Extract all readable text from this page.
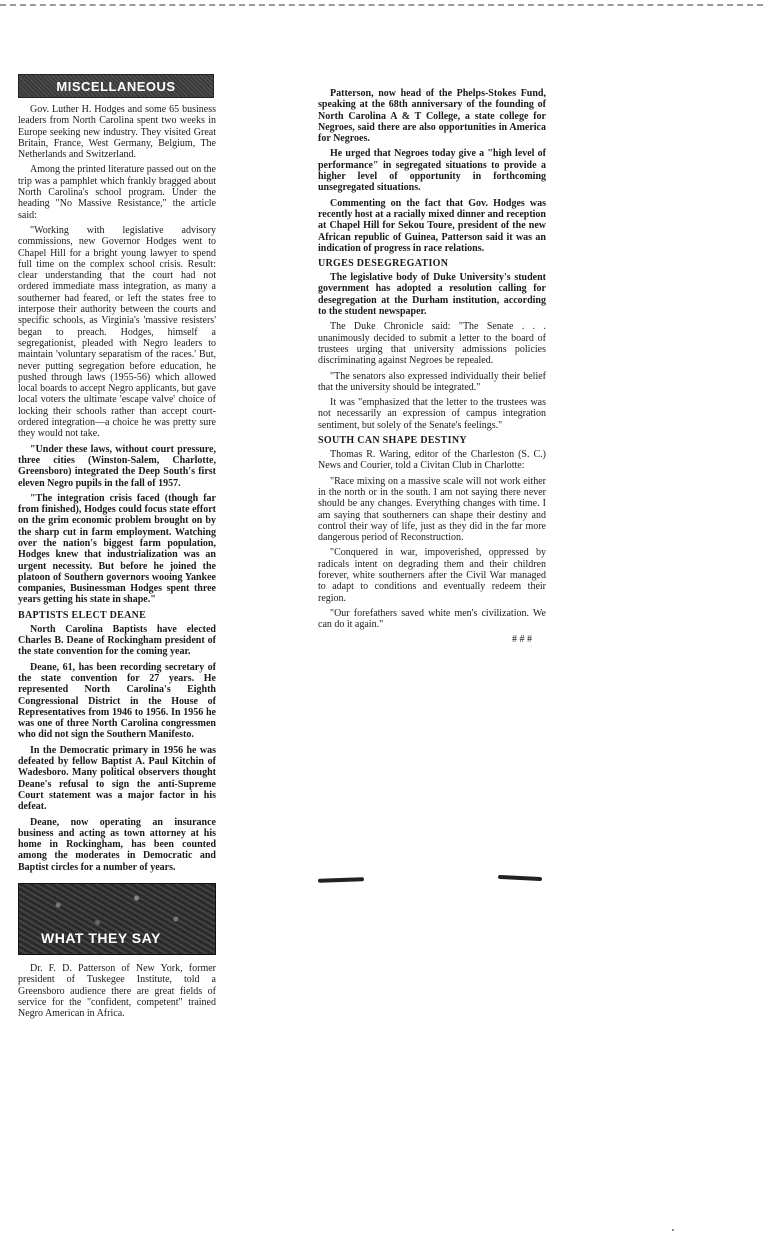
MISCELLANEOUS

Gov. Luther H. Hodges and some 65 business leaders from North Carolina spent two weeks in Europe seeking new industry. They visited Great Britain, France, West Germany, Belgium, The Netherlands and Switzerland.

Among the printed literature passed out on the trip was a pamphlet which frankly bragged about North Carolina's school program. Under the heading "No Massive Resistance," the article said:

"Working with legislative advisory commissions, new Governor Hodges went to Chapel Hill for a bright young lawyer to spend full time on the complex school crisis. Result: clear understanding that the court had not ordered immediate mass integration, as many a southerner had feared, or left the states free to interpose their authority between the courts and specific schools, as Virginia's 'massive resisters' began to preach. Hodges, himself a segregationist, pleaded with Negro leaders to maintain 'voluntary separatism of the races.' But, never putting segregation before education, he pushed through laws (1955-56) which allowed local boards to accept Negro applicants, but gave local voters the ultimate 'escape valve' choice of locking their schools rather than accept court-ordered integration—a choice he was pretty sure they would not take.

"Under these laws, without court pressure, three cities (Winston-Salem, Charlotte, Greensboro) integrated the Deep South's first eleven Negro pupils in the fall of 1957.

"The integration crisis faced (though far from finished), Hodges could focus state effort on the grim economic problem brought on by the sharp cut in farm employment. Watching over the nation's biggest farm population, Hodges knew that industrialization was an urgent necessity. But before he joined the platoon of Southern governors wooing Yankee companies, Businessman Hodges spent three years getting his state in shape."

BAPTISTS ELECT DEANE

North Carolina Baptists have elected Charles B. Deane of Rockingham president of the state convention for the coming year.

Deane, 61, has been recording secretary of the state convention for 27 years. He represented North Carolina's Eighth Congressional District in the House of Representatives from 1946 to 1956. In 1956 he was one of three North Carolina congressmen who did not sign the Southern Manifesto.

In the Democratic primary in 1956 he was defeated by fellow Baptist A. Paul Kitchin of Wadesboro. Many political observers thought Deane's refusal to sign the anti-Supreme Court statement was a major factor in his defeat.

Deane, now operating an insurance business and acting as town attorney at his home in Rockingham, has been counted among the moderates in Democratic and Baptist circles for a number of years.

WHAT THEY SAY

Dr. F. D. Patterson of New York, former president of Tuskegee Institute, told a Greensboro audience there are great fields of service for the "confident, competent" trained Negro American in Africa.

Patterson, now head of the Phelps-Stokes Fund, speaking at the 68th anniversary of the founding of North Carolina A & T College, a state college for Negroes, said there are also opportunities in America for Negroes.

He urged that Negroes today give a "high level of performance" in segregated situations to provide a higher level of opportunity in forthcoming unsegregated situations.

Commenting on the fact that Gov. Hodges was recently host at a racially mixed dinner and reception at Chapel Hill for Sekou Toure, president of the new African republic of Guinea, Patterson said it was an indication of progress in race relations.

URGES DESEGREGATION

The legislative body of Duke University's student government has adopted a resolution calling for desegregation at the Durham institution, according to the student newspaper.

The Duke Chronicle said: "The Senate . . . unanimously decided to submit a letter to the board of trustees urging that university admissions policies discriminating against Negroes be repealed.

"The senators also expressed individually their belief that the university should be integrated."

It was "emphasized that the letter to the trustees was not necessarily an expression of campus integration sentiment, but solely of the Senate's feelings."

SOUTH CAN SHAPE DESTINY

Thomas R. Waring, editor of the Charleston (S. C.) News and Courier, told a Civitan Club in Charlotte:

"Race mixing on a massive scale will not work either in the north or in the south. I am not saying there never should be any changes. Everything changes with time. I am saying that southerners can shape their destiny and control their way of life, just as they did in the far more dangerous period of Reconstruction.

"Conquered in war, impoverished, oppressed by radicals intent on degrading them and their children forever, white southerners after the Civil War managed to adapt to conditions and eventually redeem their region.

"Our forefathers saved white men's civilization. We can do it again."

# # #
